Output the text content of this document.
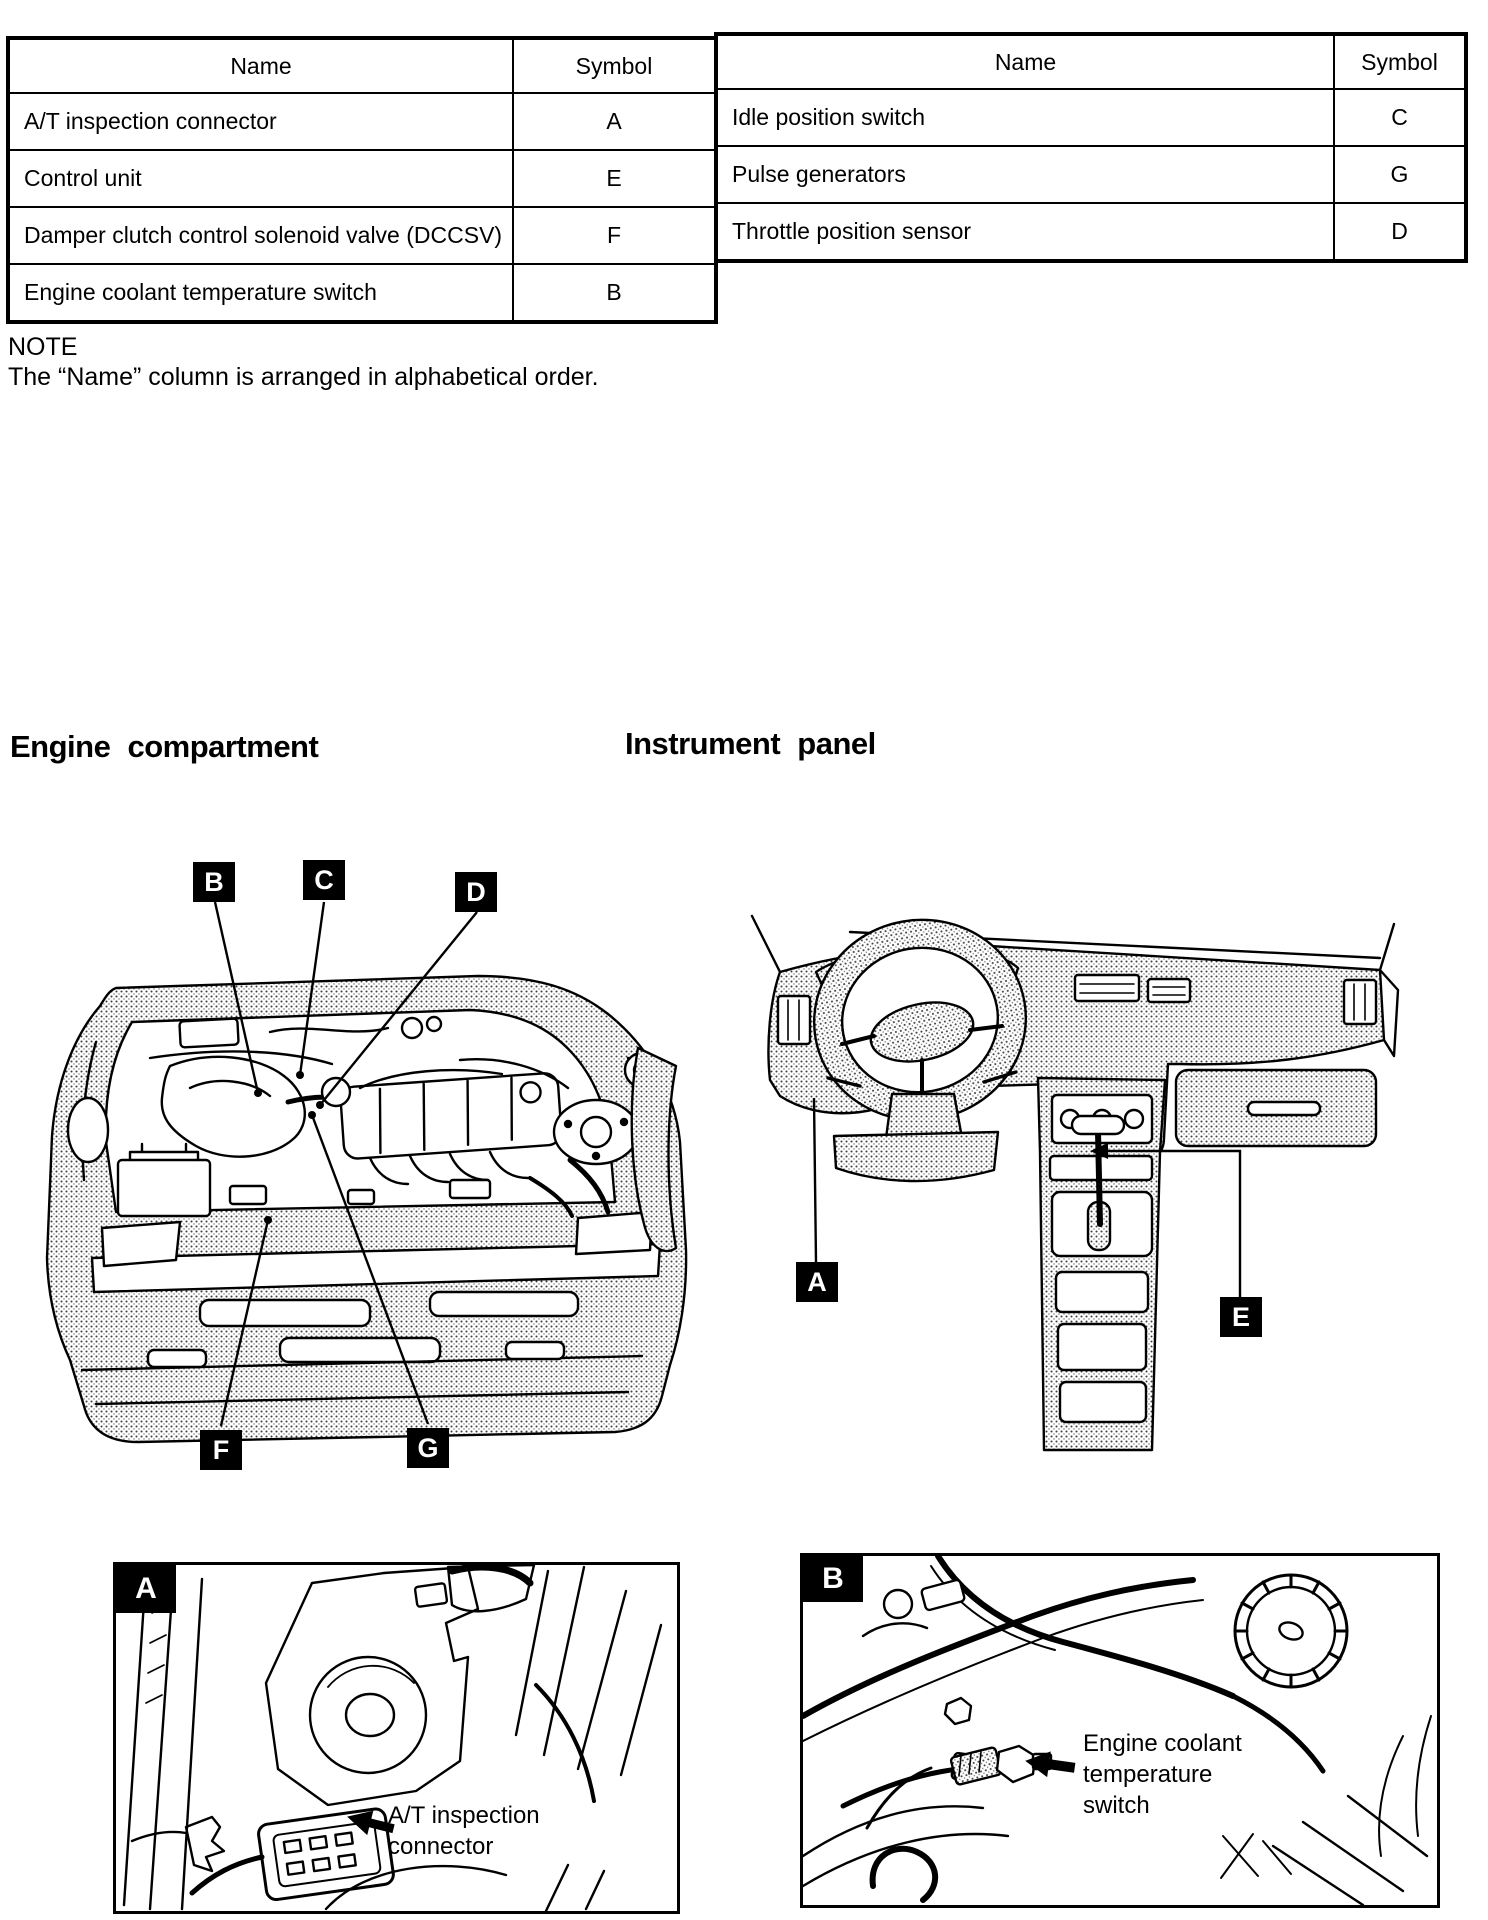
Name	Symbol
A/T inspection connector	A
Control unit	E
Damper clutch control solenoid valve (DCCSV)	F
Engine coolant temperature switch	B
Name	Symbol
Idle position switch	C
Pulse generators	G
Throttle position sensor	D
NOTE
The “Name” column is arranged in alphabetical order.
Engine compartment	Instrument panel
B	C	D
F	G
A
E
A
A/T inspection connector
B
Engine coolant temperature switch
